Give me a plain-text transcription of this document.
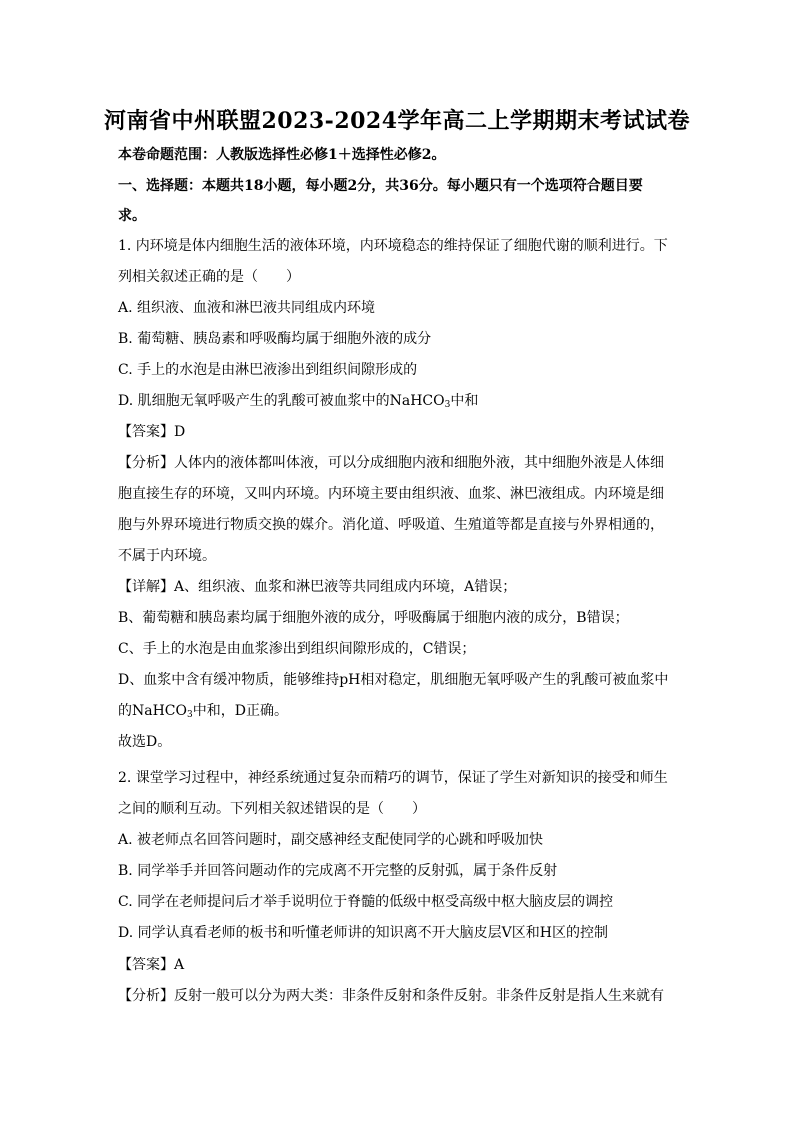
河南省中州联盟2023-2024学年高二上学期期末考试试卷
本卷命题范围：人教版选择性必修1＋选择性必修2。
一、选择题：本题共18小题，每小题2分，共36分。每小题只有一个选项符合题目要
求。
1. 内环境是体内细胞生活的液体环境，内环境稳态的维持保证了细胞代谢的顺利进行。下
列相关叙述正确的是（　　）
A. 组织液、血液和淋巴液共同组成内环境
B. 葡萄糖、胰岛素和呼吸酶均属于细胞外液的成分
C. 手上的水泡是由淋巴液渗出到组织间隙形成的
D. 肌细胞无氧呼吸产生的乳酸可被血浆中的NaHCO$_3$中和
【答案】D
【分析】人体内的液体都叫体液，可以分成细胞内液和细胞外液，其中细胞外液是人体细
胞直接生存的环境，又叫内环境。内环境主要由组织液、血浆、淋巴液组成。内环境是细
胞与外界环境进行物质交换的媒介。消化道、呼吸道、生殖道等都是直接与外界相通的，
不属于内环境。
【详解】A、组织液、血浆和淋巴液等共同组成内环境，A错误；
B、葡萄糖和胰岛素均属于细胞外液的成分，呼吸酶属于细胞内液的成分，B错误；
C、手上的水泡是由血浆渗出到组织间隙形成的，C错误；
D、血浆中含有缓冲物质，能够维持pH相对稳定，肌细胞无氧呼吸产生的乳酸可被血浆中
的NaHCO$_3$中和，D正确。
故选D。
2. 课堂学习过程中，神经系统通过复杂而精巧的调节，保证了学生对新知识的接受和师生
之间的顺利互动。下列相关叙述错误的是（　　）
A. 被老师点名回答问题时，副交感神经支配使同学的心跳和呼吸加快
B. 同学举手并回答问题动作的完成离不开完整的反射弧，属于条件反射
C. 同学在老师提问后才举手说明位于脊髓的低级中枢受高级中枢大脑皮层的调控
D. 同学认真看老师的板书和听懂老师讲的知识离不开大脑皮层V区和H区的控制
【答案】A
【分析】反射一般可以分为两大类：非条件反射和条件反射。非条件反射是指人生来就有
